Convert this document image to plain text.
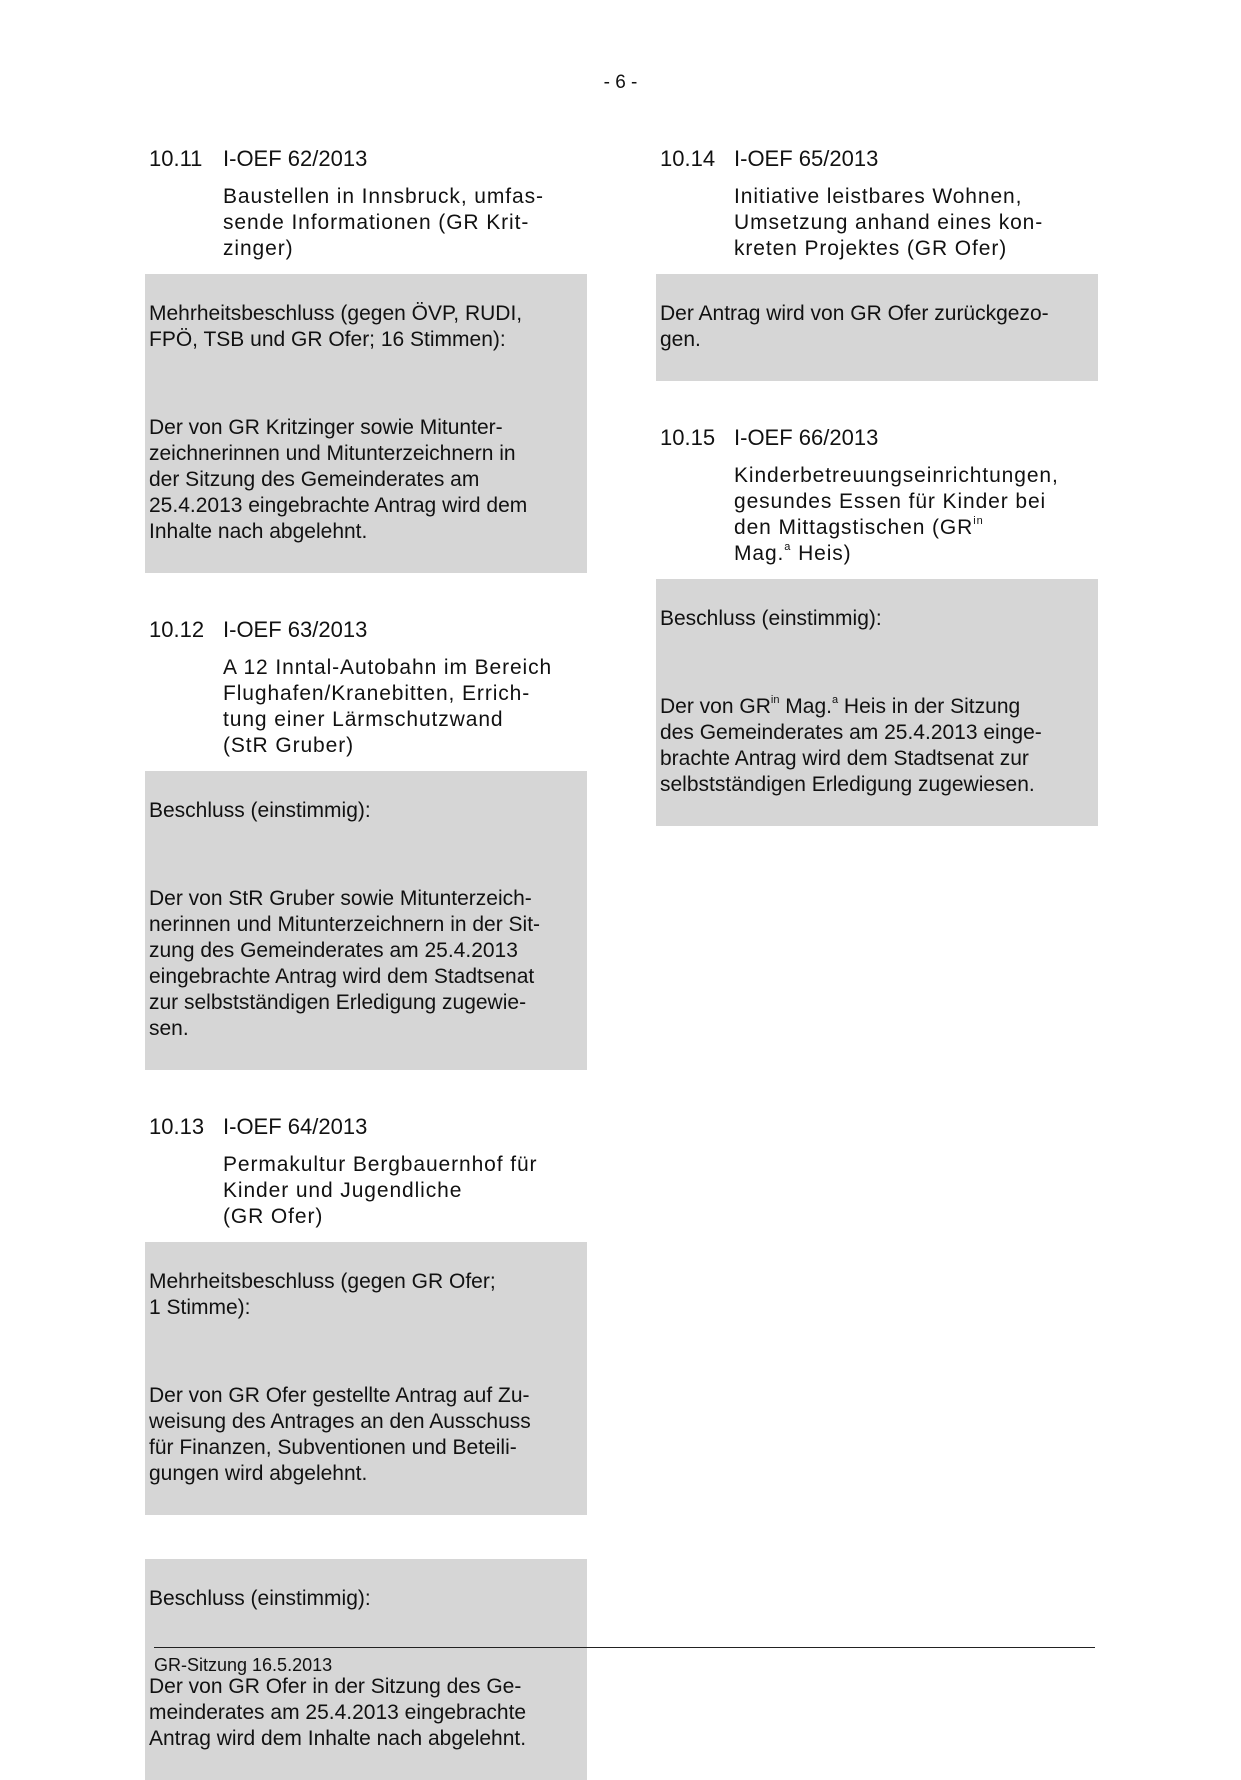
- 6 -
10.11 I-OEF 62/2013
Baustellen in Innsbruck, umfas-
sende Informationen (GR Krit-
zinger)

Mehrheitsbeschluss (gegen ÖVP, RUDI,
FPÖ, TSB und GR Ofer; 16 Stimmen):

Der von GR Kritzinger sowie Mitunter-
zeichnerinnen und Mitunterzeichnern in
der Sitzung des Gemeinderates am
25.4.2013 eingebrachte Antrag wird dem
Inhalte nach abgelehnt.

10.12 I-OEF 63/2013
A 12 Inntal-Autobahn im Bereich
Flughafen/Kranebitten, Errich-
tung einer Lärmschutzwand
(StR Gruber)

Beschluss (einstimmig):

Der von StR Gruber sowie Mitunterzeich-
nerinnen und Mitunterzeichnern in der Sit-
zung des Gemeinderates am 25.4.2013
eingebrachte Antrag wird dem Stadtsenat
zur selbstständigen Erledigung zugewie-
sen.

10.13 I-OEF 64/2013
Permakultur Bergbauernhof für
Kinder und Jugendliche
(GR Ofer)

Mehrheitsbeschluss (gegen GR Ofer;
1 Stimme):

Der von GR Ofer gestellte Antrag auf Zu-
weisung des Antrages an den Ausschuss
für Finanzen, Subventionen und Beteili-
gungen wird abgelehnt.

Beschluss (einstimmig):

Der von GR Ofer in der Sitzung des Ge-
meinderates am 25.4.2013 eingebrachte
Antrag wird dem Inhalte nach abgelehnt.

10.14 I-OEF 65/2013
Initiative leistbares Wohnen,
Umsetzung anhand eines kon-
kreten Projektes (GR Ofer)

Der Antrag wird von GR Ofer zurückgezo-
gen.

10.15 I-OEF 66/2013
Kinderbetreuungseinrichtungen,
gesundes Essen für Kinder bei
den Mittagstischen ($GR^{in}$
Mag.$^a$ Heis)

Beschluss (einstimmig):

Der von $GR^{in}$ Mag.$^a$ Heis in der Sitzung
des Gemeinderates am 25.4.2013 einge-
brachte Antrag wird dem Stadtsenat zur
selbstständigen Erledigung zugewiesen.

GR-Sitzung 16.5.2013
